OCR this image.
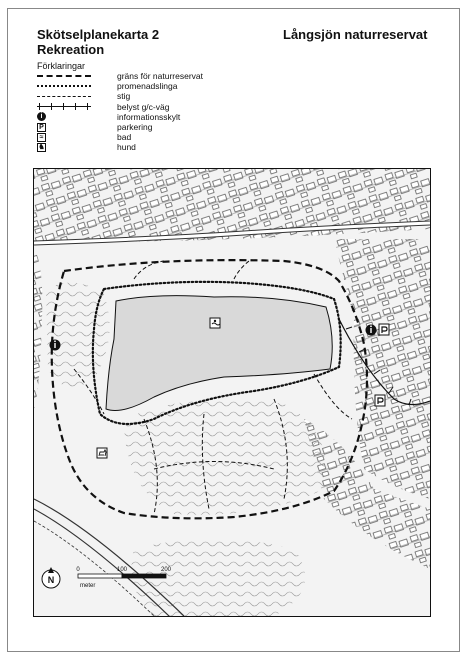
Skötselplanekarta 2
Rekreation
Långsjön naturreservat
Förklaringar
gräns för naturreservat
promenadslinga
stig
belyst g/c-väg
i	informationsskylt
P	parkering
≈	bad
♞	hund
N
0	100	200
meter
